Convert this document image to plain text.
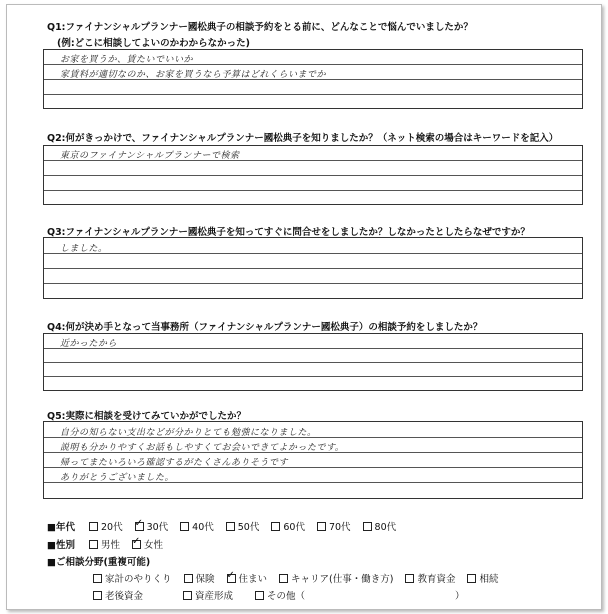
Q1:ファイナンシャルプランナー國松典子の相談予約をとる前に、どんなことで悩んでいましたか？
(例:どこに相談してよいのかわからなかった)
お家を買うか、賃たいでいいか
家賃料が適切なのか、お家を買うなら予算はどれくらいまでか
Q2:何がきっかけで、ファイナンシャルプランナー國松典子を知りましたか？（ネット検索の場合はキーワードを記入）
東京のファイナンシャルプランナーで検索
Q3:ファイナンシャルプランナー國松典子を知ってすぐに問合せをしましたか？しなかったとしたらなぜですか？
しました。
Q4:何が決め手となって当事務所（ファイナンシャルプランナー國松典子）の相談予約をしましたか？
近かったから
Q5:実際に相談を受けてみていかがでしたか？
自分の知らない支出などが分かりとても勉強になりました。
説明も分かりやすくお話もしやすくてお会いできてよかったです。
帰ってまたいろいろ確認するがたくさんありそうです
ありがとうございました。
■年代	20代 ✓	30代	40代	50代	60代	70代	80代
■性別	男性 ✓	女性
■ご相談分野(重複可能)
家計のやりくり	保険 ✓	住まい	キャリア(仕事・働き方)	教育資金	相続
老後資金	資産形成	その他（	）
